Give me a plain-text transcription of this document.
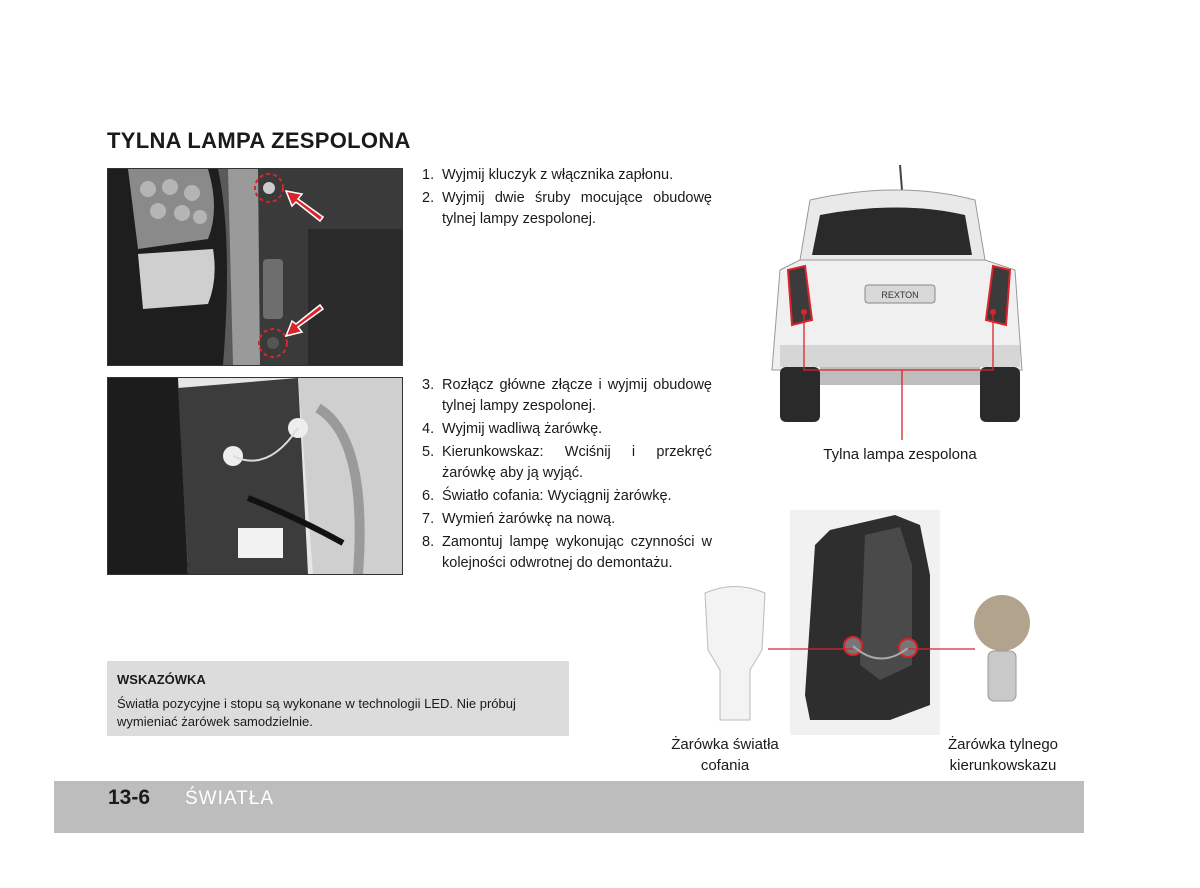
TYLNA LAMPA ZESPOLONA
1. Wyjmij kluczyk z włącznika zapłonu.
2. Wyjmij dwie śruby mocujące obudowę tylnej lampy zespolonej.
3. Rozłącz główne złącze i wyjmij obudowę tylnej lampy zespolonej.
4. Wyjmij wadliwą żarówkę.
5. Kierunkowskaz: Wciśnij i przekręć żarówkę aby ją wyjąć.
6. Światło cofania: Wyciągnij żarówkę.
7. Wymień żarówkę na nową.
8. Zamontuj lampę wykonując czynności w kolejności odwrotnej do demontażu.
REXTON
Tylna lampa zespolona
Żarówka światła cofania
Żarówka tylnego kierunkowskazu

WSKAZÓWKA

Światła pozycyjne i stopu są wykonane w technologii LED. Nie próbuj wymieniać żarówek samodzielnie.

13-6 ŚWIATŁA
